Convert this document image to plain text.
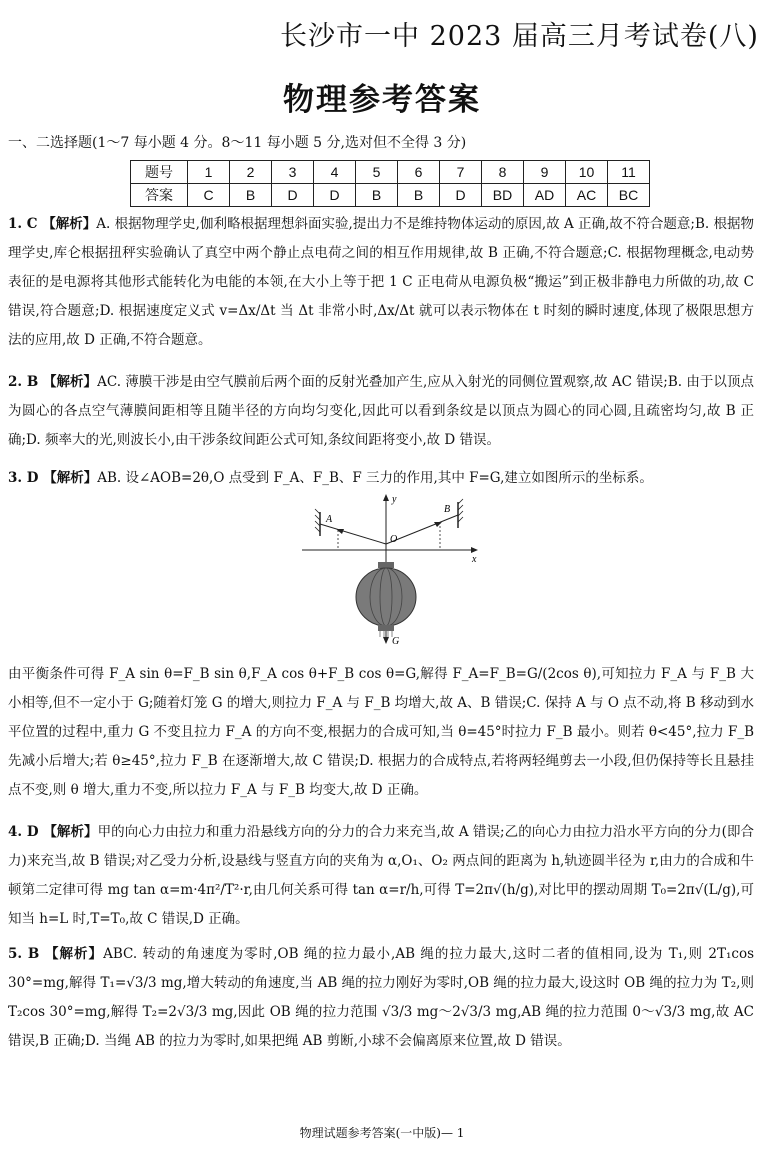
长沙市一中 2023 届高三月考试卷(八)
物理参考答案
一、二选择题(1～7 每小题 4 分。8～11 每小题 5 分,选对但不全得 3 分)
题号	1	2	3	4	5	6	7	8	9	10	11
答案	C	B	D	D	B	B	D	BD	AD	AC	BC
1. C 【解析】A. 根据物理学史,伽利略根据理想斜面实验,提出力不是维持物体运动的原因,故 A 正确,故不符合题意;B. 根据物理学史,库仑根据扭秤实验确认了真空中两个静止点电荷之间的相互作用规律,故 B 正确,不符合题意;C. 根据物理概念,电动势表征的是电源将其他形式能转化为电能的本领,在大小上等于把 1 C 正电荷从电源负极“搬运”到正极非静电力所做的功,故 C 错误,符合题意;D. 根据速度定义式 v=Δx/Δt 当 Δt 非常小时,Δx/Δt 就可以表示物体在 t 时刻的瞬时速度,体现了极限思想方法的应用,故 D 正确,不符合题意。
2. B 【解析】AC. 薄膜干涉是由空气膜前后两个面的反射光叠加产生,应从入射光的同侧位置观察,故 AC 错误;B. 由于以顶点为圆心的各点空气薄膜间距相等且随半径的方向均匀变化,因此可以看到条纹是以顶点为圆心的同心圆,且疏密均匀,故 B 正确;D. 频率大的光,则波长小,由干涉条纹间距公式可知,条纹间距将变小,故 D 错误。
3. D 【解析】AB. 设∠AOB=2θ,O 点受到 F_A、F_B、F 三力的作用,其中 F=G,建立如图所示的坐标系。
x
y
A
B
O
G
由平衡条件可得 F_A sin θ=F_B sin θ,F_A cos θ+F_B cos θ=G,解得 F_A=F_B=G/(2cos θ),可知拉力 F_A 与 F_B 大小相等,但不一定小于 G;随着灯笼 G 的增大,则拉力 F_A 与 F_B 均增大,故 A、B 错误;C. 保持 A 与 O 点不动,将 B 移动到水平位置的过程中,重力 G 不变且拉力 F_A 的方向不变,根据力的合成可知,当 θ=45°时拉力 F_B 最小。则若 θ<45°,拉力 F_B 先减小后增大;若 θ≥45°,拉力 F_B 在逐渐增大,故 C 错误;D. 根据力的合成特点,若将两轻绳剪去一小段,但仍保持等长且悬挂点不变,则 θ 增大,重力不变,所以拉力 F_A 与 F_B 均变大,故 D 正确。
4. D 【解析】甲的向心力由拉力和重力沿悬线方向的分力的合力来充当,故 A 错误;乙的向心力由拉力沿水平方向的分力(即合力)来充当,故 B 错误;对乙受力分析,设悬线与竖直方向的夹角为 α,O₁、O₂ 两点间的距离为 h,轨迹圆半径为 r,由力的合成和牛顿第二定律可得 mg tan α=m·4π²/T²·r,由几何关系可得 tan α=r/h,可得 T=2π√(h/g),对比甲的摆动周期 T₀=2π√(L/g),可知当 h=L 时,T=T₀,故 C 错误,D 正确。
5. B 【解析】ABC. 转动的角速度为零时,OB 绳的拉力最小,AB 绳的拉力最大,这时二者的值相同,设为 T₁,则 2T₁cos 30°=mg,解得 T₁=√3/3 mg,增大转动的角速度,当 AB 绳的拉力刚好为零时,OB 绳的拉力最大,设这时 OB 绳的拉力为 T₂,则 T₂cos 30°=mg,解得 T₂=2√3/3 mg,因此 OB 绳的拉力范围 √3/3 mg～2√3/3 mg,AB 绳的拉力范围 0～√3/3 mg,故 AC 错误,B 正确;D. 当绳 AB 的拉力为零时,如果把绳 AB 剪断,小球不会偏离原来位置,故 D 错误。
物理试题参考答案(一中版)— 1
